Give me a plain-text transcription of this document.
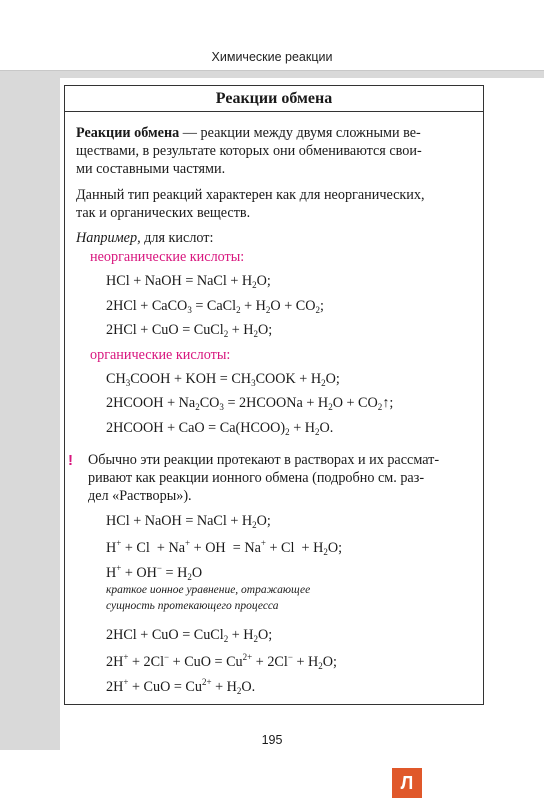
Химические реакции
Реакции обмена
Реакции обмена — реакции между двумя сложными ве-
ществами, в результате которых они обмениваются свои-
ми составными частями.
Данный тип реакций характерен как для неорганических,
так и органических веществ.
Например, для кислот:
неорганические кислоты:
HCl + NaOH = NaCl + $H_2O$;
2HCl + CaCO$_3$ = CaCl$_2$ + $H_2O + CO_2$;
2HCl + CuO = CuCl$_2$ + $H_2O$;
органические кислоты:
$CH_3COOH$ + KOH = $CH_3COOK + H_2O$;
2HCOOH + $Na_2CO_3$ = 2HCOONa + $H_2O$ + $CO_2↑$;
2HCOOH + CaO = $Ca(HCOO)_2 + H_2O$.
! Обычно эти реакции протекают в растворах и их рассмат-
ривают как реакции ионного обмена (подробно см. раз-
дел «Растворы»).
HCl + NaOH = NaCl + $H_2O$;
H+ + Cl  + Na+ + OH  = $Na^+ + Cl + H_2O$;
$H^+ + OH^- = H_2O$
краткое ионное уравнение, отражающее
сущность протекающего процесса
2HCl + CuO = CuCl$_2$ + $H_2O$;
2H+ + 2Cl− + CuO = $Cu^{2+} + 2Cl^- + H_2O$;
2H+ + CuO = $Cu^{2+} + H_2O$.
195
Л
